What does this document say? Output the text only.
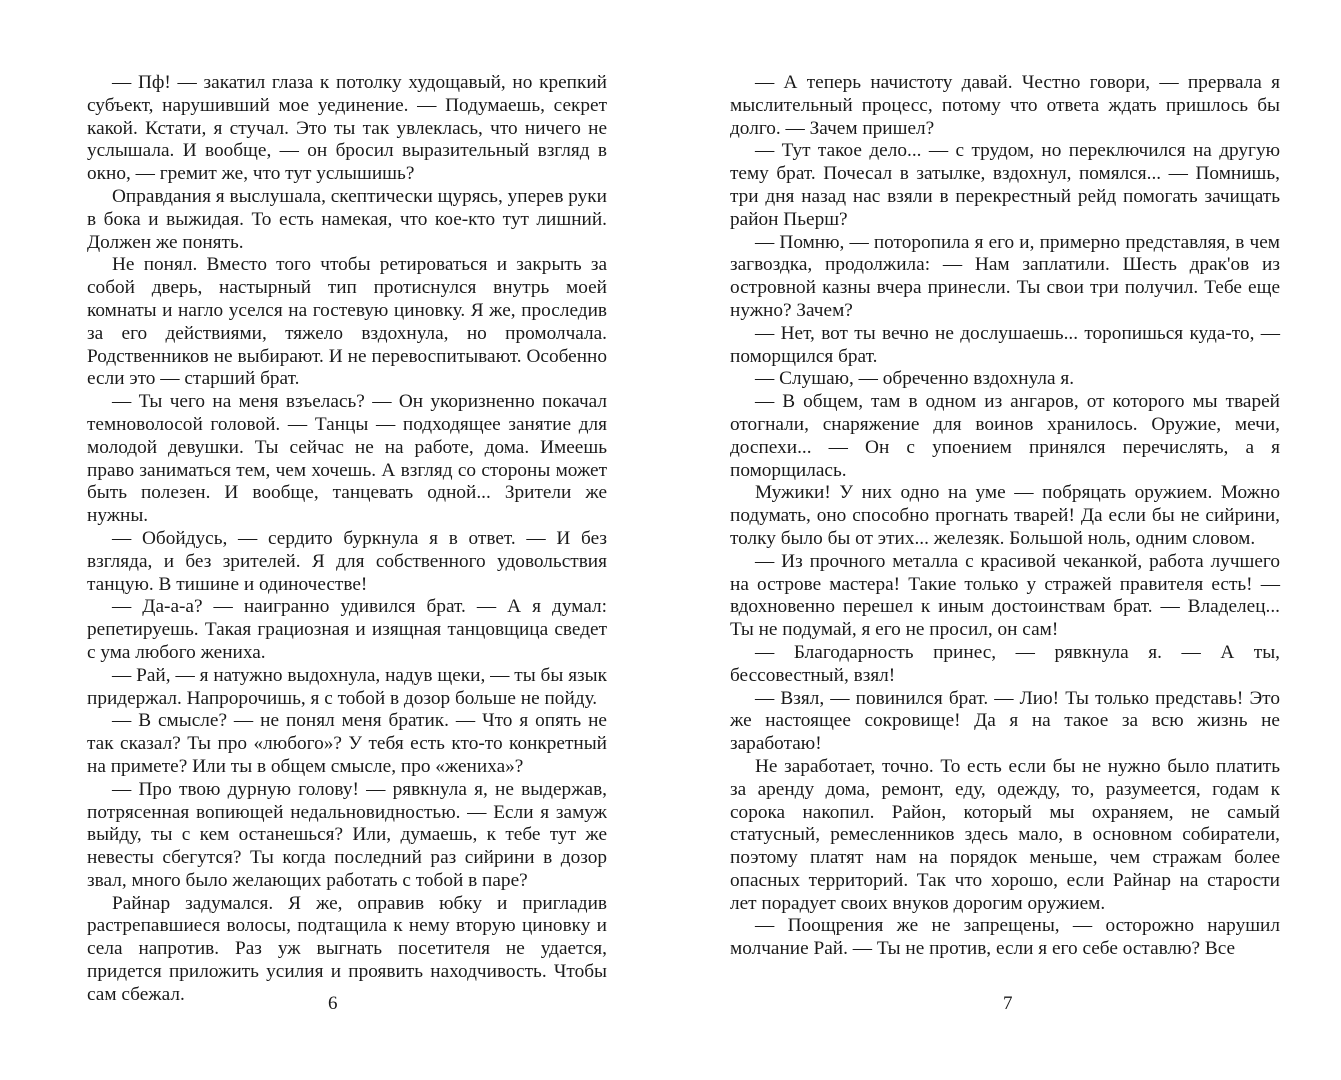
— Пф! — закатил глаза к потолку худощавый, но крепкий субъект, нарушивший мое уединение. — Подумаешь, секрет какой. Кстати, я стучал. Это ты так увлеклась, что ничего не услышала. И вообще, — он бросил выразительный взгляд в окно, — гремит же, что тут услышишь?

Оправдания я выслушала, скептически щурясь, уперев руки в бока и выжидая. То есть намекая, что кое-кто тут лишний. Должен же понять.

Не понял. Вместо того чтобы ретироваться и закрыть за собой дверь, настырный тип протиснулся внутрь моей комнаты и нагло уселся на гостевую циновку. Я же, проследив за его действиями, тяжело вздохнула, но промолчала. Родственников не выбирают. И не перевоспитывают. Особенно если это — старший брат.

— Ты чего на меня взъелась? — Он укоризненно покачал темноволосой головой. — Танцы — подходящее занятие для молодой девушки. Ты сейчас не на работе, дома. Имеешь право заниматься тем, чем хочешь. А взгляд со стороны может быть полезен. И вообще, танцевать одной... Зрители же нужны.

— Обойдусь, — сердито буркнула я в ответ. — И без взгляда, и без зрителей. Я для собственного удовольствия танцую. В тишине и одиночестве!

— Да-а-а? — наигранно удивился брат. — А я думал: репетируешь. Такая грациозная и изящная танцовщица сведет с ума любого жениха.

— Рай, — я натужно выдохнула, надув щеки, — ты бы язык придержал. Напророчишь, я с тобой в дозор больше не пойду.

— В смысле? — не понял меня братик. — Что я опять не так сказал? Ты про «любого»? У тебя есть кто-то конкретный на примете? Или ты в общем смысле, про «жениха»?

— Про твою дурную голову! — рявкнула я, не выдержав, потрясенная вопиющей недальновидностью. — Если я замуж выйду, ты с кем останешься? Или, думаешь, к тебе тут же невесты сбегутся? Ты когда последний раз сийрини в дозор звал, много было желающих работать с тобой в паре?

Райнар задумался. Я же, оправив юбку и пригладив растрепавшиеся волосы, подтащила к нему вторую циновку и села напротив. Раз уж выгнать посетителя не удается, придется приложить усилия и проявить находчивость. Чтобы сам сбежал.	6

— А теперь начистоту давай. Честно говори, — прервала я мыслительный процесс, потому что ответа ждать пришлось бы долго. — Зачем пришел?

— Тут такое дело... — с трудом, но переключился на другую тему брат. Почесал в затылке, вздохнул, помялся... — Помнишь, три дня назад нас взяли в перекрестный рейд помогать зачищать район Пьерш?

— Помню, — поторопила я его и, примерно представляя, в чем загвоздка, продолжила: — Нам заплатили. Шесть драк'ов из островной казны вчера принесли. Ты свои три получил. Тебе еще нужно? Зачем?

— Нет, вот ты вечно не дослушаешь... торопишься куда-то, — поморщился брат.

— Слушаю, — обреченно вздохнула я.

— В общем, там в одном из ангаров, от которого мы тварей отогнали, снаряжение для воинов хранилось. Оружие, мечи, доспехи... — Он с упоением принялся перечислять, а я поморщилась.

Мужики! У них одно на уме — побряцать оружием. Можно подумать, оно способно прогнать тварей! Да если бы не сийрини, толку было бы от этих... железяк. Большой ноль, одним словом.

— Из прочного металла с красивой чеканкой, работа лучшего на острове мастера! Такие только у стражей правителя есть! — вдохновенно перешел к иным достоинствам брат. — Владелец... Ты не подумай, я его не просил, он сам!

— Благодарность принес, — рявкнула я. — А ты, бессовестный, взял!

— Взял, — повинился брат. — Лио! Ты только представь! Это же настоящее сокровище! Да я на такое за всю жизнь не заработаю!

Не заработает, точно. То есть если бы не нужно было платить за аренду дома, ремонт, еду, одежду, то, разумеется, годам к сорока накопил. Район, который мы охраняем, не самый статусный, ремесленников здесь мало, в основном собиратели, поэтому платят нам на порядок меньше, чем стражам более опасных территорий. Так что хорошо, если Райнар на старости лет порадует своих внуков дорогим оружием.

— Поощрения же не запрещены, — осторожно нарушил молчание Рай. — Ты не против, если я его себе оставлю? Все

7
